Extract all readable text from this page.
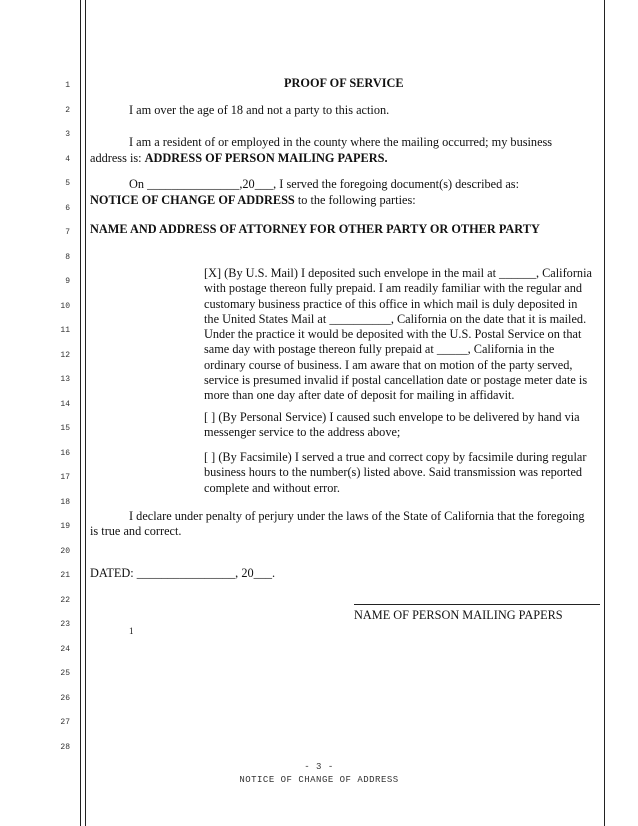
1
2
3
4
5
6
7
8
9
10
11
12
13
14
15
16
17
18
19
20
21
22
23
24
25
26
27
28
PROOF OF SERVICE
I am over the age of 18 and not a party to this action.
I am a resident of or employed in the county where the mailing occurred; my business
address is: ADDRESS OF PERSON MAILING PAPERS.
On _______________,20___, I served the foregoing document(s) described as:
NOTICE OF CHANGE OF ADDRESS to the following parties:
NAME AND ADDRESS OF ATTORNEY FOR OTHER PARTY OR OTHER PARTY
[X] (By U.S. Mail) I deposited such envelope in the mail at ______, California
with postage thereon fully prepaid. I am readily familiar with the regular and
customary business practice of this office in which mail is duly deposited in
the United States Mail at __________, California on the date that it is mailed.
Under the practice it would be deposited with the U.S. Postal Service on that
same day with postage thereon fully prepaid at _____, California in the
ordinary course of business. I am aware that on motion of the party served,
service is presumed invalid if postal cancellation date or postage meter date is
more than one day after date of deposit for mailing in affidavit.
[ ] (By Personal Service) I caused such envelope to be delivered by hand via
messenger service to the address above;
[ ] (By Facsimile) I served a true and correct copy by facsimile during regular
business hours to the number(s) listed above. Said transmission was reported
complete and without error.
I declare under penalty of perjury under the laws of the State of California that the foregoing
is true and correct.
DATED: ________________, 20___.
NAME OF PERSON MAILING PAPERS
1
- 3 -
NOTICE OF CHANGE OF ADDRESS
